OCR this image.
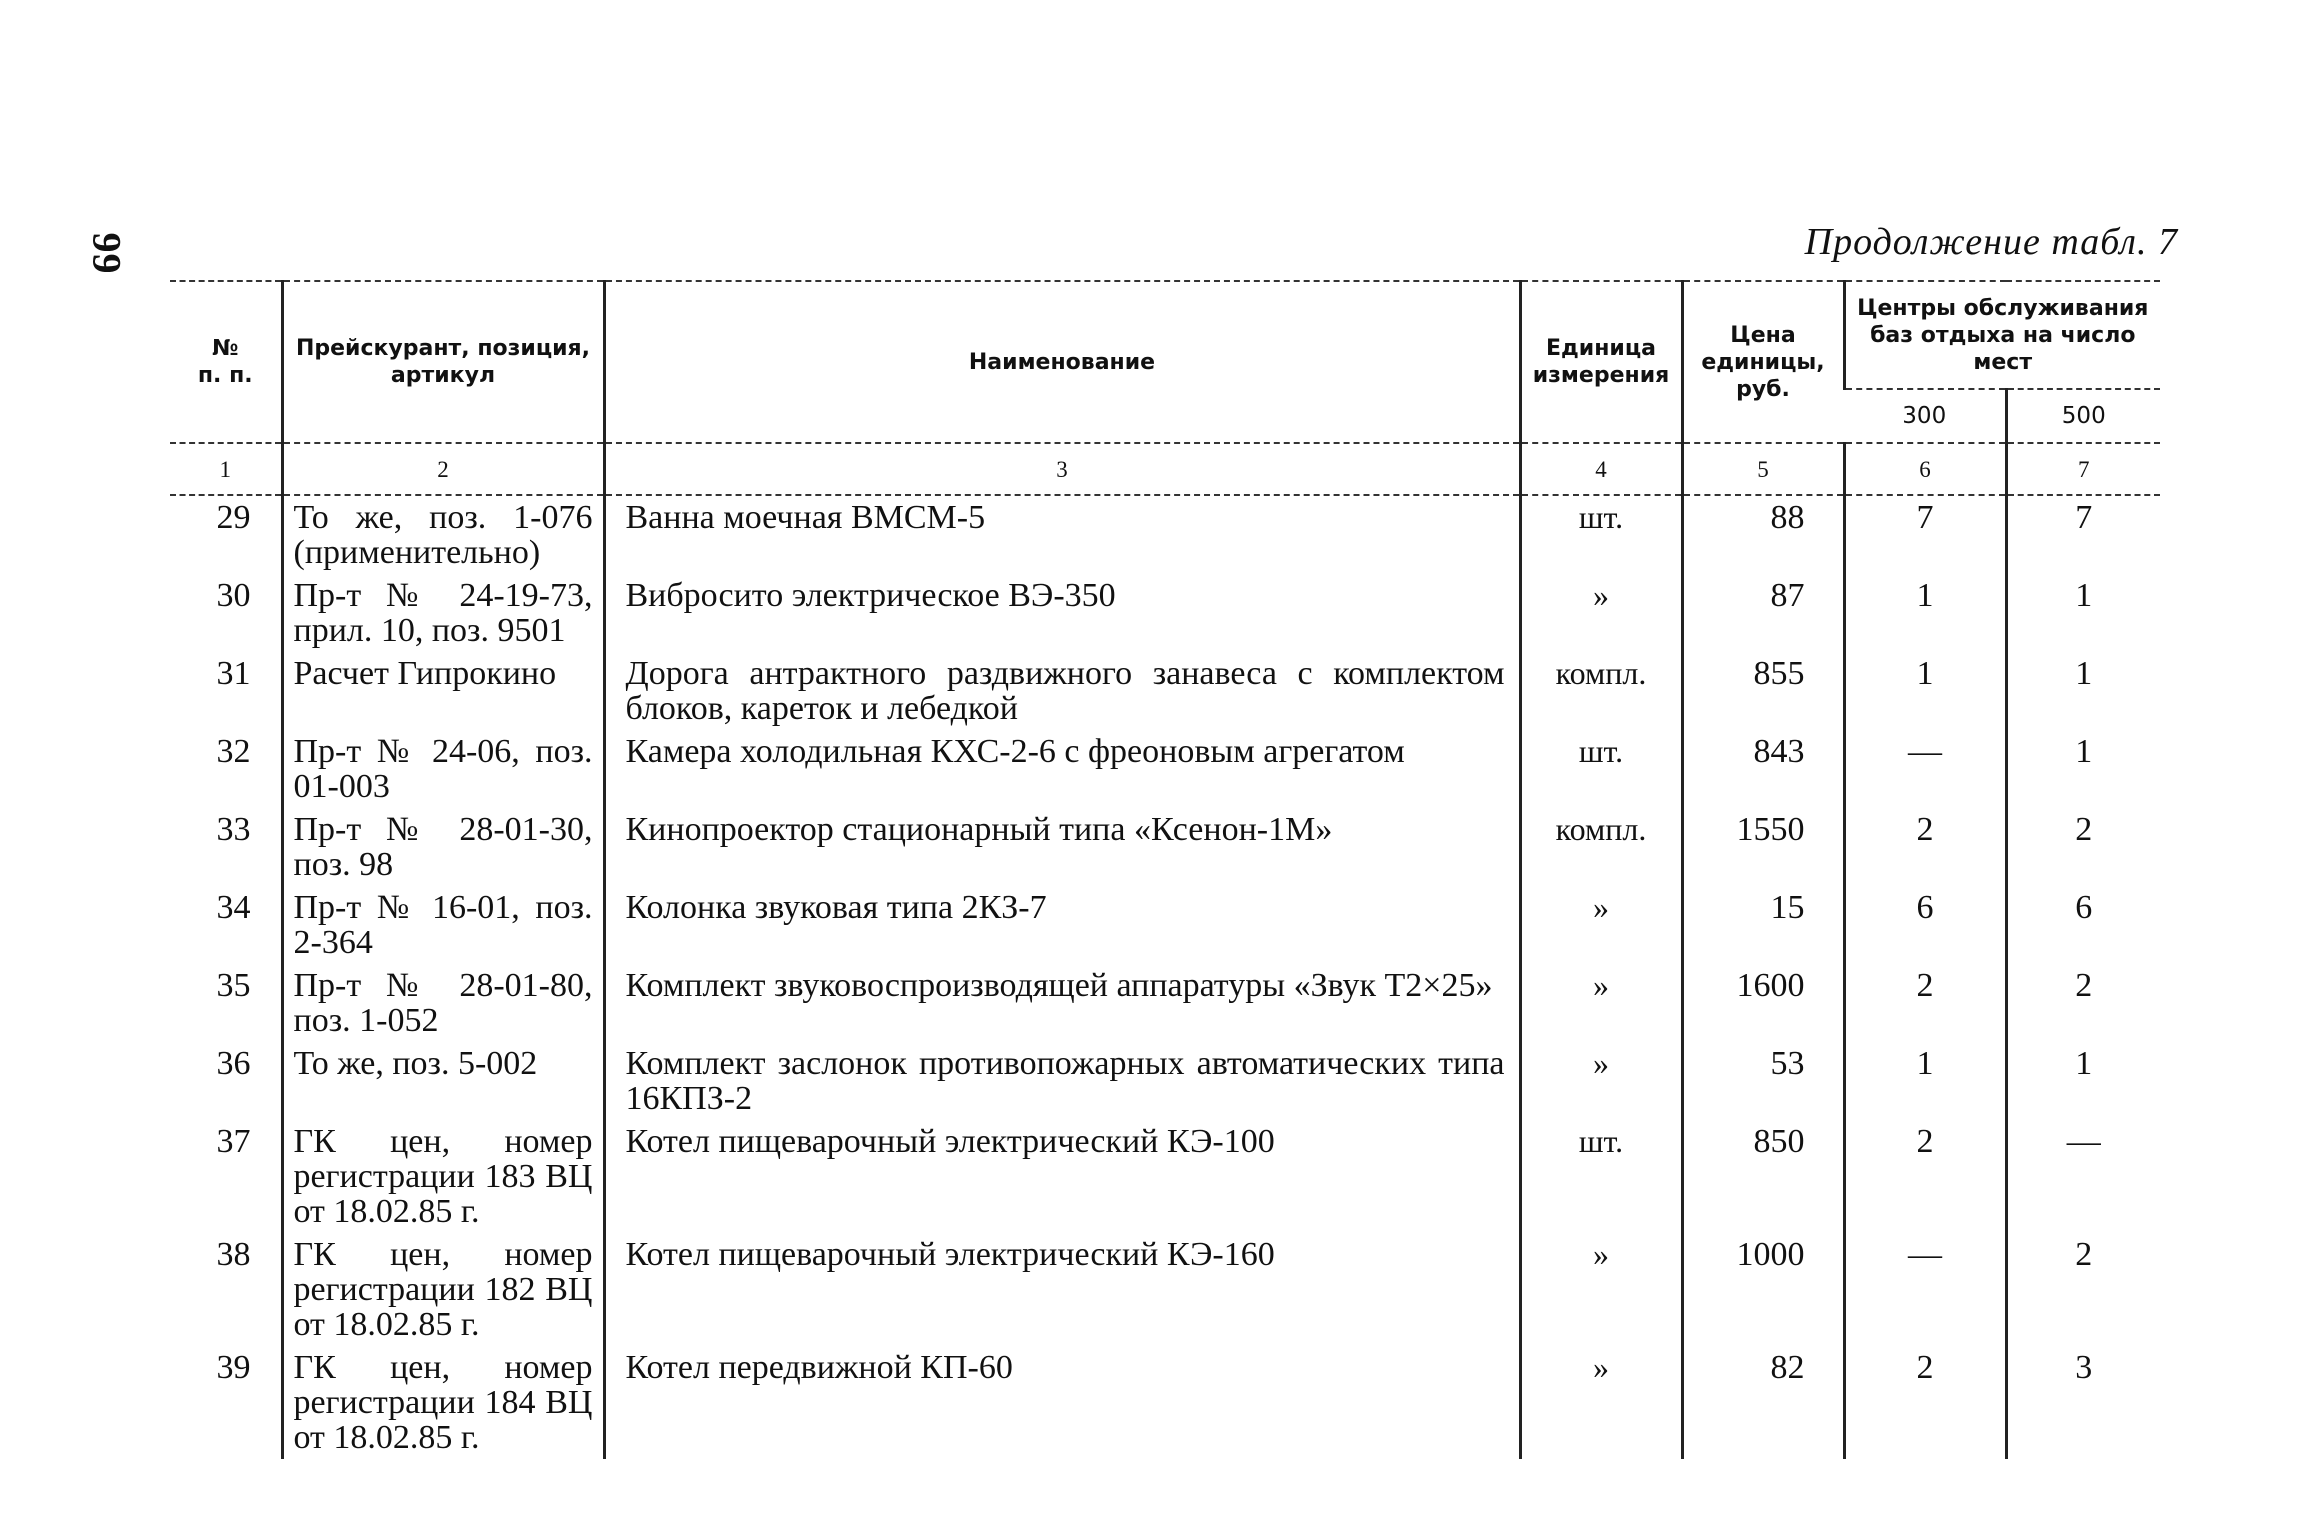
99	Продолжение табл. 7
№
п. п.	Прейскурант, позиция, артикул	Наименование	Единица измерения	Цена единицы, руб.	Центры обслуживания баз отдыха на число мест	
					300	500
1	2	3	4	5	6	7
29	То же, поз. 1-076 (применительно)	Ванна моечная ВМСМ-5	шт.	88	7	7
30	Пр-т № 24-19-73, прил. 10, поз. 9501	Вибросито электрическое ВЭ-350	»	87	1	1
31	Расчет Гипрокино	Дорога антрактного раздвижного занавеса с комплектом блоков, кареток и лебедкой	компл.	855	1	1
32	Пр-т № 24-06, поз. 01-003	Камера холодильная КХС-2-6 с фреоновым агрегатом	шт.	843	—	1
33	Пр-т № 28-01-30, поз. 98	Кинопроектор стационарный типа «Ксенон-1М»	компл.	1550	2	2
34	Пр-т № 16-01, поз. 2-364	Колонка звуковая типа 2КЗ-7	»	15	6	6
35	Пр-т № 28-01-80, поз. 1-052	Комплект звуковоспроизводящей аппаратуры «Звук Т2×25»	»	1600	2	2
36	То же, поз. 5-002	Комплект заслонок противопожарных автоматических типа 16КПЗ-2	»	53	1	1
37	ГК цен, номер регистрации 183 ВЦ от 18.02.85 г.	Котел пищеварочный электрический КЭ-100	шт.	850	2	—
38	ГК цен, номер регистрации 182 ВЦ от 18.02.85 г.	Котел пищеварочный электрический КЭ-160	»	1000	—	2
39	ГК цен, номер регистрации 184 ВЦ от 18.02.85 г.	Котел передвижной КП-60	»	82	2	3
